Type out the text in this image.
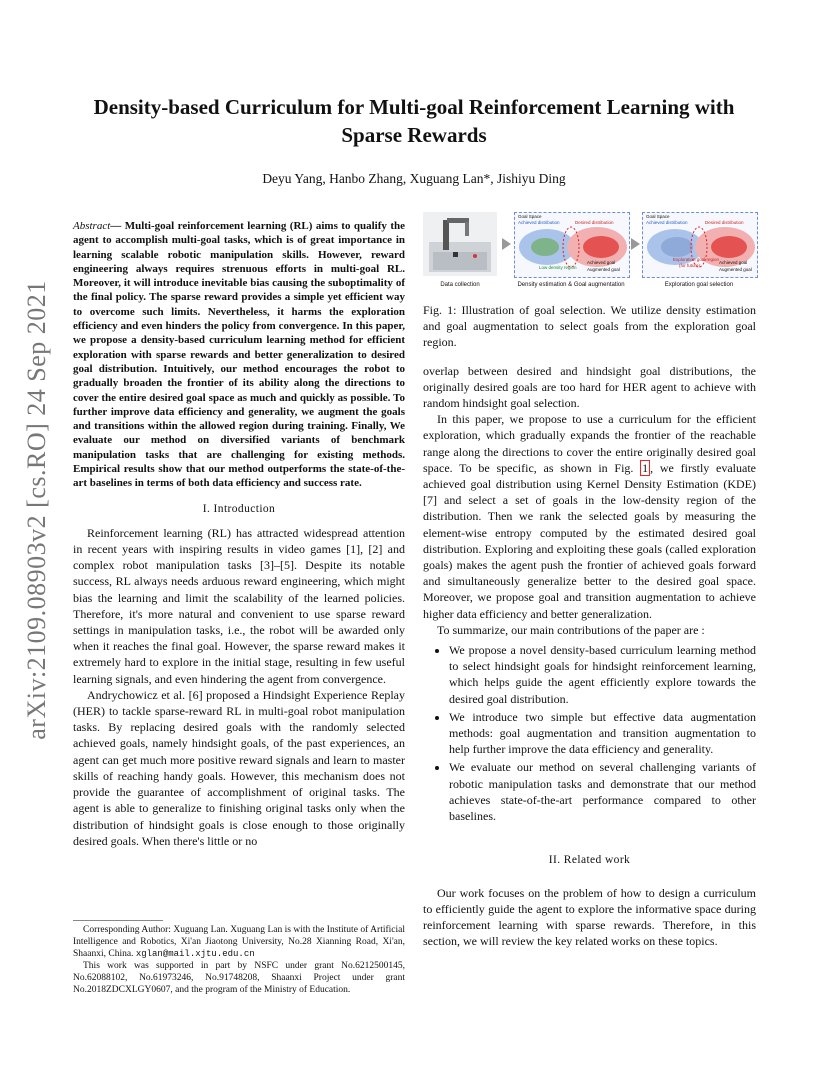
arXiv:2109.08903v2 [cs.RO] 24 Sep 2021
Density-based Curriculum for Multi-goal Reinforcement Learning with
Sparse Rewards
Deyu Yang, Hanbo Zhang, Xuguang Lan*, Jishiyu Ding

Abstract— Multi-goal reinforcement learning (RL) aims to qualify the agent to accomplish multi-goal tasks, which is of great importance in learning scalable robotic manipulation skills. However, reward engineering always requires strenuous efforts in multi-goal RL. Moreover, it will introduce inevitable bias causing the suboptimality of the final policy. The sparse reward provides a simple yet efficient way to overcome such limits. Nevertheless, it harms the exploration efficiency and even hinders the policy from convergence. In this paper, we propose a density-based curriculum learning method for efficient exploration with sparse rewards and better generalization to desired goal distribution. Intuitively, our method encourages the robot to gradually broaden the frontier of its ability along the directions to cover the entire desired goal space as much and quickly as possible. To further improve data efficiency and generality, we augment the goals and transitions within the allowed region during training. Finally, We evaluate our method on diversified variants of benchmark manipulation tasks that are challenging for existing methods. Empirical results show that our method outperforms the state-of-the-art baselines in terms of both data efficiency and success rate.

I. Introduction

Reinforcement learning (RL) has attracted widespread attention in recent years with inspiring results in video games [1], [2] and complex robot manipulation tasks [3]–[5]. Despite its notable success, RL always needs arduous reward engineering, which might bias the learning and limit the scalability of the learned policies. Therefore, it's more natural and convenient to use sparse reward settings in manipulation tasks, i.e., the robot will be awarded only when it reaches the final goal. However, the sparse reward makes it extremely hard to explore in the initial stage, resulting in few useful learning signals, and even hindering the agent from convergence.

Andrychowicz et al. [6] proposed a Hindsight Experience Replay (HER) to tackle sparse-reward RL in multi-goal robot manipulation tasks. By replacing desired goals with the randomly selected achieved goals, namely hindsight goals, of the past experiences, an agent can get much more positive reward signals and learn to master skills of reaching handy goals. However, this mechanism does not provide the guarantee of accomplishment of original tasks. The agent is able to generalize to finishing original tasks only when the distribution of hindsight goals is close enough to those originally desired goals. When there's little or no

Corresponding Author: Xuguang Lan. Xuguang Lan is with the Institute of Artificial Intelligence and Robotics, Xi'an Jiaotong University, No.28 Xianning Road, Xi'an, Shaanxi, China. xglan@mail.xjtu.edu.cn

This work was supported in part by NSFC under grant No.6212500145, No.62088102, No.61973246, No.91748208, Shaanxi Project under grant No.2018ZDCXLGY0607, and the program of the Ministry of Education.

Goal Space
Achieved distribution	Desired distribution
Low density region
Achieved goal
Augmented goal
Goal Space
Achieved distribution	Desired distribution
Exploration goal region
(for future)
Achieved goal
Augmented goal
Data collection	Density estimation & Goal augmentation	Exploration goal selection

Fig. 1: Illustration of goal selection. We utilize density estimation and goal augmentation to select goals from the exploration goal region.

overlap between desired and hindsight goal distributions, the originally desired goals are too hard for HER agent to achieve with random hindsight goal selection.

In this paper, we propose to use a curriculum for the efficient exploration, which gradually expands the frontier of the reachable range along the directions to cover the entire originally desired goal space. To be specific, as shown in Fig. 1 , we firstly evaluate achieved goal distribution using Kernel Density Estimation (KDE) [7] and select a set of goals in the low-density region of the distribution. Then we rank the selected goals by measuring the element-wise entropy computed by the estimated desired goal distribution. Exploring and exploiting these goals (called exploration goals) makes the agent push the frontier of achieved goals forward and simultaneously generalize better to the desired goal space. Moreover, we propose goal and transition augmentation to achieve higher data efficiency and better generalization.

To summarize, our main contributions of the paper are :

• We propose a novel density-based curriculum learning method to select hindsight goals for hindsight reinforcement learning, which helps guide the agent efficiently explore towards the desired goal distribution.
• We introduce two simple but effective data augmentation methods: goal augmentation and transition augmentation to help further improve the data efficiency and generality.
• We evaluate our method on several challenging variants of robotic manipulation tasks and demonstrate that our method achieves state-of-the-art performance compared to other baselines.
II. Related work

Our work focuses on the problem of how to design a curriculum to efficiently guide the agent to explore the informative space during reinforcement learning with sparse rewards. Therefore, in this section, we will review the key related works on these topics.
